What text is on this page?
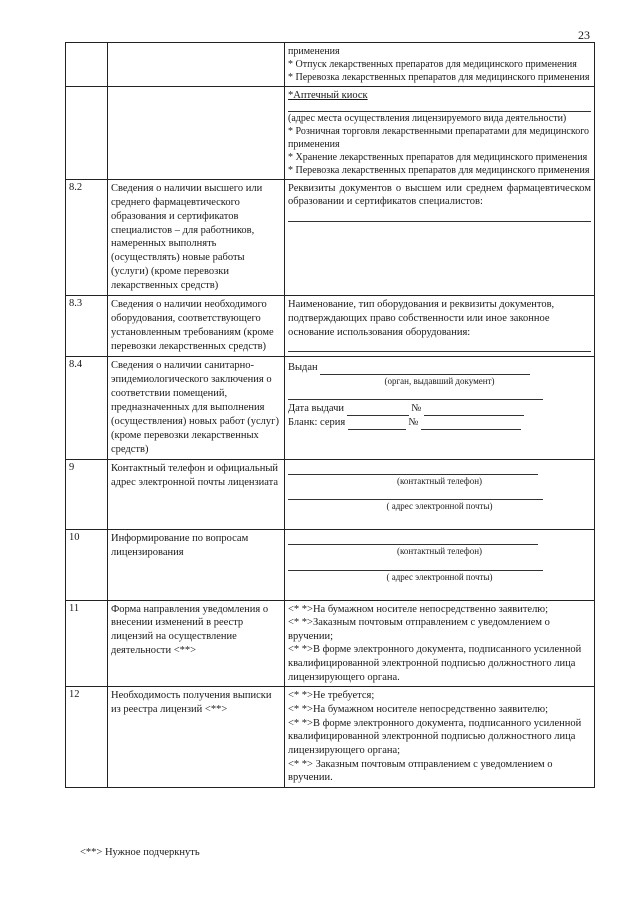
23

		применения
* Отпуск лекарственных препаратов для медицинского применения
* Перевозка лекарственных препаратов для медицинского применения

		*Аптечный киоск
(адрес места осуществления лицензируемого вида деятельности)
* Розничная торговля лекарственными препаратами для медицинского применения
* Хранение лекарственных препаратов для медицинского применения
* Перевозка лекарственных препаратов для медицинского применения

8.2	Сведения о наличии высшего или среднего фармацевтического образования и сертификатов специалистов – для работников, намеренных выполнять (осуществлять) новые работы (услуги) (кроме перевозки лекарственных средств)	Реквизиты документов о высшем или среднем фармацевтическом образовании и сертификатов специалистов:

8.3	Сведения о наличии необходимого оборудования, соответствующего установленным требованиям (кроме перевозки лекарственных средств)	Наименование, тип оборудования и реквизиты документов, подтверждающих право собственности или иное законное основание использования оборудования:

8.4	Сведения о наличии санитарно-эпидемиологического заключения о соответствии помещений, предназначенных для выполнения (осуществления) новых работ (услуг) (кроме перевозки лекарственных средств)	Выдан
(орган, выдавший документ)
Дата выдачи №
Бланк: серия №

9	Контактный телефон и официальный адрес электронной почты лицензиата	(контактный телефон)
( адрес электронной почты)

10	Информирование по вопросам лицензирования	(контактный телефон)
( адрес электронной почты)

11	Форма направления уведомления о внесении изменений в реестр лицензий на осуществление деятельности <**>	<* *>На бумажном носителе непосредственно заявителю;
<* *>Заказным почтовым отправлением с уведомлением о вручении;
<* *>В форме электронного документа, подписанного усиленной квалифицированной электронной подписью должностного лица лицензирующего органа.

12	Необходимость получения выписки из реестра лицензий <**>	<* *>Не требуется;
<* *>На бумажном носителе непосредственно заявителю;
<* *>В форме электронного документа, подписанного усиленной квалифицированной электронной подписью должностного лица лицензирующего органа;
<* *> Заказным почтовым отправлением с уведомлением о вручении.
<**> Нужное подчеркнуть
